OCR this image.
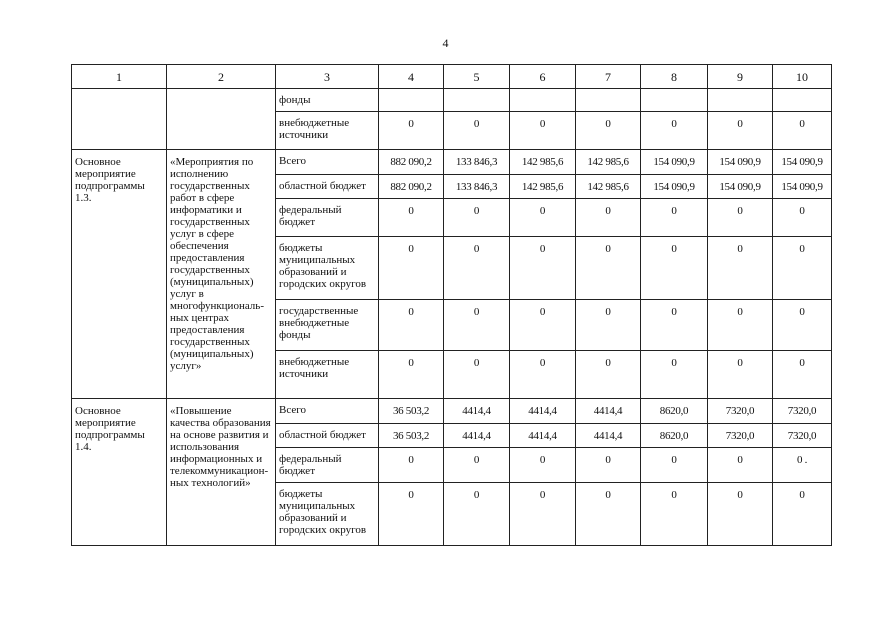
4
1	2	3	4	5	6	7	8	9	10
		фонды							
		внебюджетные источники	0	0	0	0	0	0	0
Основное мероприятие подпрограммы 1.3.	«Мероприятия по исполнению государственных работ в сфере информатики и государственных услуг в сфере обеспечения предоставления государственных (муниципальных) услуг в многофункциональ-ных центрах предоставления государственных (муниципальных) услуг»	Всего	882 090,2	133 846,3	142 985,6	142 985,6	154 090,9	154 090,9	154 090,9
		областной бюджет	882 090,2	133 846,3	142 985,6	142 985,6	154 090,9	154 090,9	154 090,9
		федеральный бюджет	0	0	0	0	0	0	0
		бюджеты муниципальных образований и городских округов	0	0	0	0	0	0	0
		государственные внебюджетные фонды	0	0	0	0	0	0	0
		внебюджетные источники	0	0	0	0	0	0	0
Основное мероприятие подпрограммы 1.4.	«Повышение качества образования на основе развития и использования информационных и телекоммуникацион-ных технологий»	Всего	36 503,2	4414,4	4414,4	4414,4	8620,0	7320,0	7320,0
		областной бюджет	36 503,2	4414,4	4414,4	4414,4	8620,0	7320,0	7320,0
		федеральный бюджет	0	0	0	0	0	0	0 .
		бюджеты муниципальных образований и городских округов	0	0	0	0	0	0	0
